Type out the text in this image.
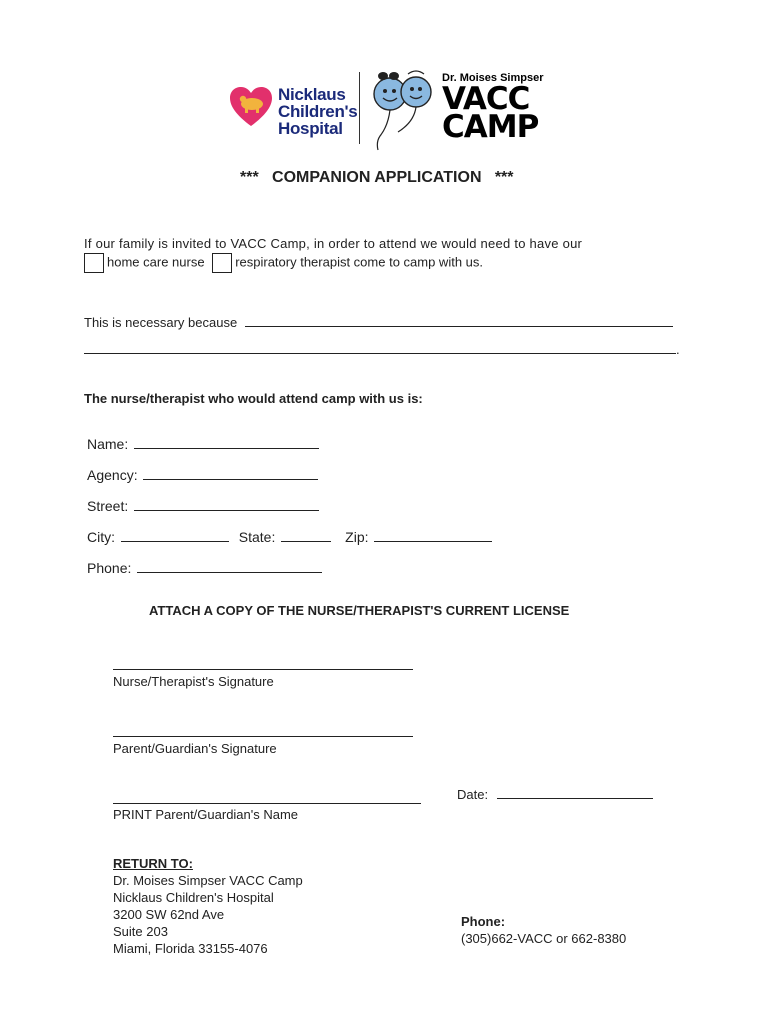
Nicklaus
Children's
Hospital
Dr. Moises Simpser
VACC
CAMP
***   COMPANION APPLICATION   ***
If our family is invited to VACC Camp, in order to attend we would need to have our
home care nurse respiratory therapist come to camp with us.
This is necessary because
.
The nurse/therapist who would attend camp with us is:
Name:
Agency:
Street:
City:	State:	Zip:
Phone:
ATTACH A COPY OF THE NURSE/THERAPIST'S CURRENT LICENSE
Nurse/Therapist's Signature
Parent/Guardian's Signature
PRINT Parent/Guardian's Name
Date:
RETURN TO:
Dr. Moises Simpser VACC Camp
Nicklaus Children's Hospital
3200 SW 62nd Ave
Suite 203
Miami, Florida 33155-4076
Phone:
(305)662-VACC or 662-8380
